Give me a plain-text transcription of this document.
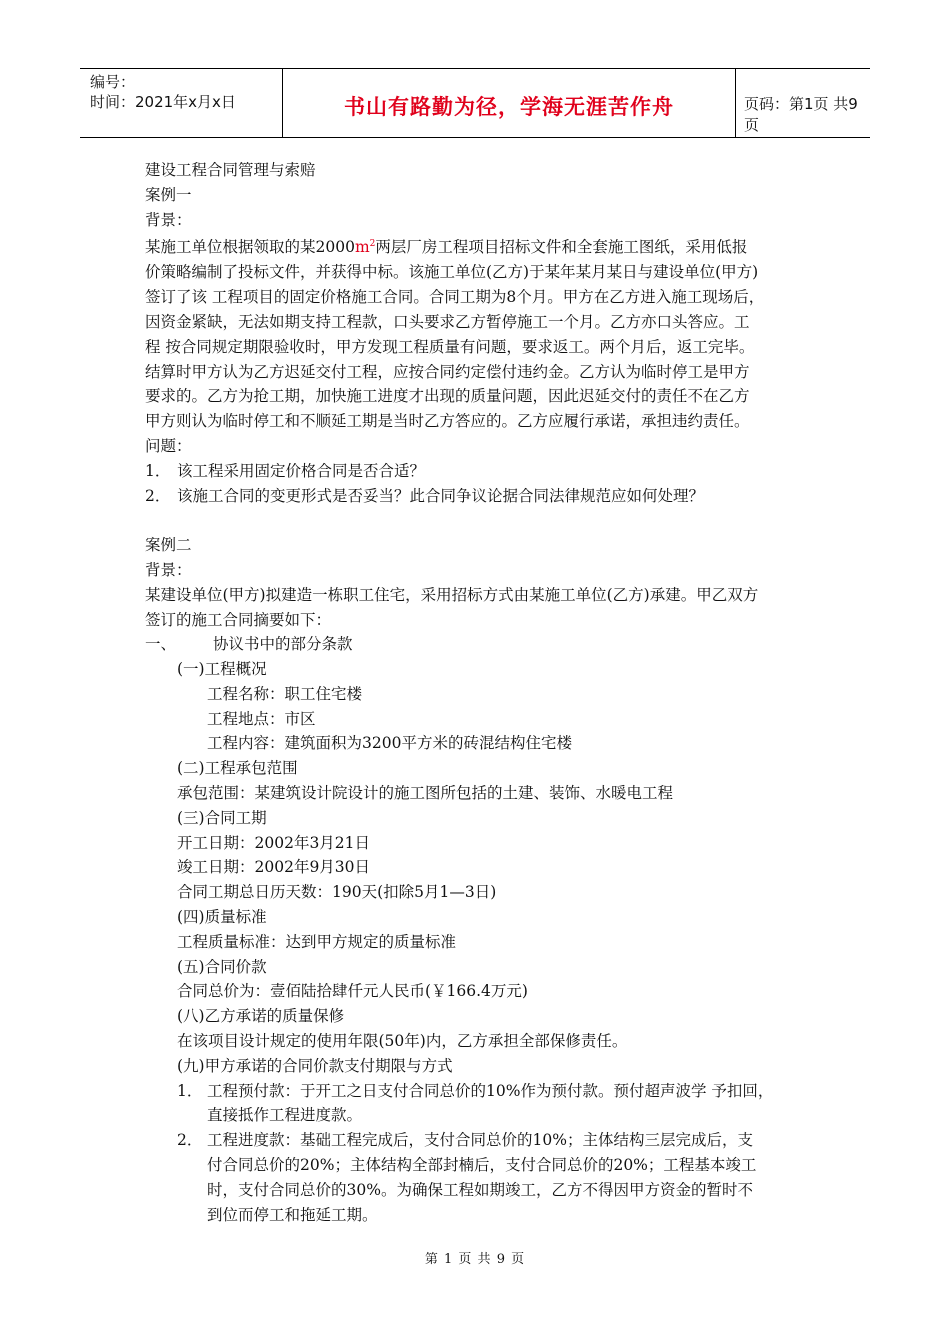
编号：
时间：2021年x月x日	书山有路勤为径，学海无涯苦作舟	页码：第1页 共9页

建设工程合同管理与索赔

案例一

背景：

某施工单位根据领取的某$2000m^2$两层厂房工程项目招标文件和全套施工图纸，采用低报

价策略编制了投标文件，并获得中标。该施工单位(乙方)于某年某月某日与建设单位(甲方)

签订了该 工程项目的固定价格施工合同。合同工期为8个月。甲方在乙方进入施工现场后，

因资金紧缺，无法如期支持工程款，口头要求乙方暂停施工一个月。乙方亦口头答应。工

程 按合同规定期限验收时，甲方发现工程质量有问题，要求返工。两个月后，返工完毕。

结算时甲方认为乙方迟延交付工程，应按合同约定偿付违约金。乙方认为临时停工是甲方

要求的。乙方为抢工期，加快施工进度才出现的质量问题，因此迟延交付的责任不在乙方

甲方则认为临时停工和不顺延工期是当时乙方答应的。乙方应履行承诺，承担违约责任。

问题：

1． 该工程采用固定价格合同是否合适？

2． 该施工合同的变更形式是否妥当？此合同争议论据合同法律规范应如何处理？

案例二

背景：

某建设单位(甲方)拟建造一栋职工住宅，采用招标方式由某施工单位(乙方)承建。甲乙双方

签订的施工合同摘要如下：

一、 协议书中的部分条款

(一)工程概况

工程名称：职工住宅楼

工程地点：市区

工程内容：建筑面积为3200平方米的砖混结构住宅楼

(二)工程承包范围

承包范围：某建筑设计院设计的施工图所包括的土建、装饰、水暖电工程

(三)合同工期

开工日期：2002年3月21日

竣工日期：2002年9月30日

合同工期总日历天数：190天(扣除5月1—3日)

(四)质量标准

工程质量标准：达到甲方规定的质量标准

(五)合同价款

合同总价为：壹佰陆拾肆仟元人民币(￥166.4万元)

(八)乙方承诺的质量保修

在该项目设计规定的使用年限(50年)内，乙方承担全部保修责任。

(九)甲方承诺的合同价款支付期限与方式

1． 工程预付款：于开工之日支付合同总价的10%作为预付款。预付超声波学 予扣回，

直接抵作工程进度款。

2． 工程进度款：基础工程完成后，支付合同总价的10%；主体结构三层完成后，支

付合同总价的20%；主体结构全部封楠后，支付合同总价的20%；工程基本竣工

时，支付合同总价的30%。为确保工程如期竣工，乙方不得因甲方资金的暂时不

到位而停工和拖延工期。

第 1 页 共 9 页
